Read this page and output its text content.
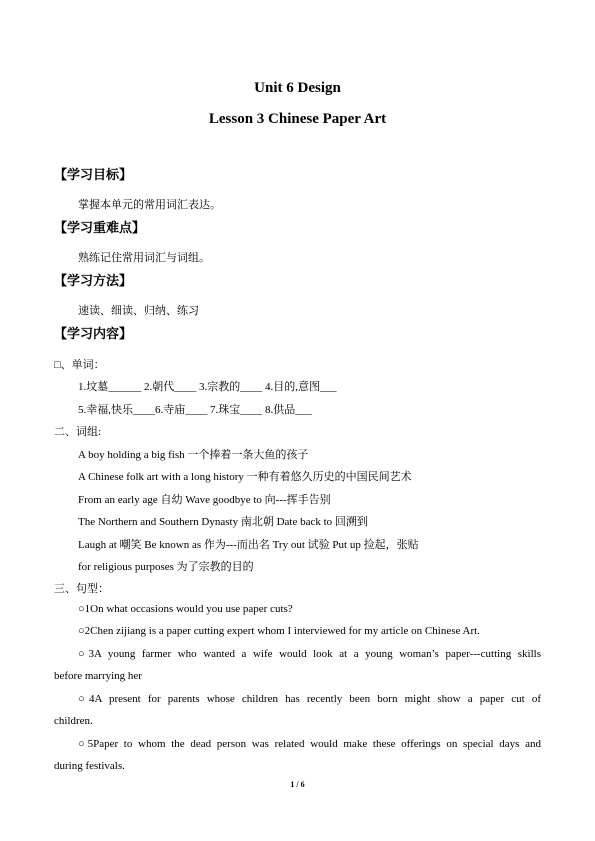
Unit 6 Design
Lesson 3 Chinese Paper Art
【学习目标】
掌握本单元的常用词汇表达。
【学习重难点】
熟练记住常用词汇与词组。
【学习方法】
速读、细读、归纳、练习
【学习内容】
□、单词：
1.坟墓______ 2.朝代____ 3.宗教的____ 4.目的,意图___
5.幸福,快乐____6.寺庙____ 7.珠宝____ 8.供品___
二、词组:
A boy holding a big fish 一个捧着一条大鱼的孩子
A Chinese folk art with a long history 一种有着悠久历史的中国民间艺术
From an early age 自幼 Wave goodbye to 向---挥手告别
The Northern and Southern Dynasty 南北朝 Date back to 回溯到
Laugh at 嘲笑 Be known as 作为---而出名 Try out 试验 Put up 捡起，张贴
for religious purposes 为了宗教的目的
三、句型：
○1On what occasions would you use paper cuts?
○2Chen zijiang is a paper cutting expert whom I interviewed for my article on Chinese Art.
○3A young farmer who wanted a wife would look at a young woman’s paper---cutting skills
before marrying her
○4A present for parents whose children has recently been born might show a paper cut of
children.
○5Paper to whom the dead person was related would make these offerings on special days and
during festivals.
1 / 6
